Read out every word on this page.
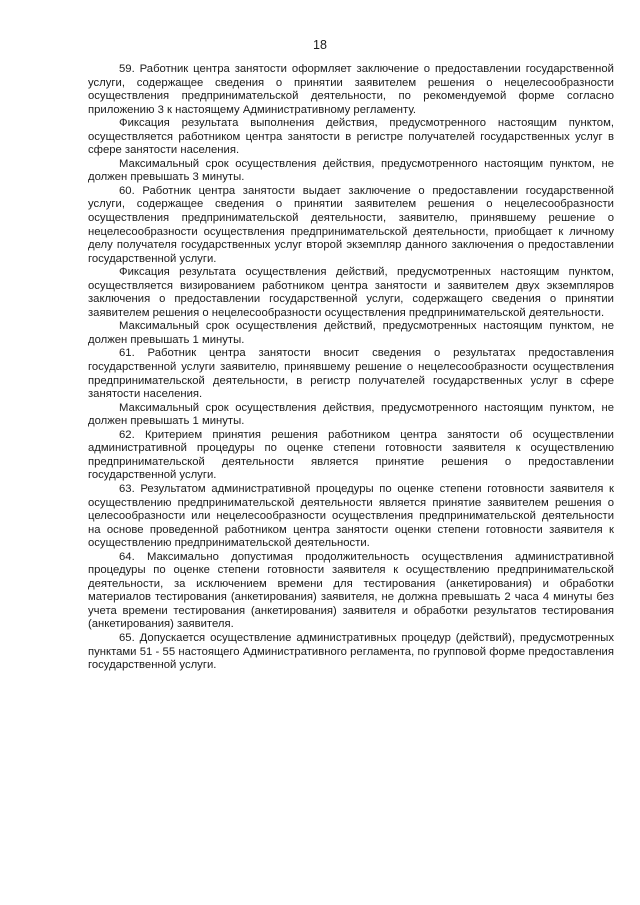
18

59. Работник центра занятости оформляет заключение о предоставлении государственной услуги, содержащее сведения о принятии заявителем решения о нецелесообразности осуществления предпринимательской деятельности, по рекомендуемой форме согласно приложению 3 к настоящему Административному регламенту.

Фиксация результата выполнения действия, предусмотренного настоящим пунктом, осуществляется работником центра занятости в регистре получателей государственных услуг в сфере занятости населения.

Максимальный срок осуществления действия, предусмотренного настоящим пунктом, не должен превышать 3 минуты.

60. Работник центра занятости выдает заключение о предоставлении государственной услуги, содержащее сведения о принятии заявителем решения о нецелесообразности осуществления предпринимательской деятельности, заявителю, принявшему решение о нецелесообразности осуществления предпринимательской деятельности, приобщает к личному делу получателя государственных услуг второй экземпляр данного заключения о предоставлении государственной услуги.

Фиксация результата осуществления действий, предусмотренных настоящим пунктом, осуществляется визированием работником центра занятости и заявителем двух экземпляров заключения о предоставлении государственной услуги, содержащего сведения о принятии заявителем решения о нецелесообразности осуществления предпринимательской деятельности.

Максимальный срок осуществления действий, предусмотренных настоящим пунктом, не должен превышать 1 минуты.

61. Работник центра занятости вносит сведения о результатах предоставления государственной услуги заявителю, принявшему решение о нецелесообразности осуществления предпринимательской деятельности, в регистр получателей государственных услуг в сфере занятости населения.

Максимальный срок осуществления действия, предусмотренного настоящим пунктом, не должен превышать 1 минуты.

62. Критерием принятия решения работником центра занятости об осуществлении административной процедуры по оценке степени готовности заявителя к осуществлению предпринимательской деятельности является принятие решения о предоставлении государственной услуги.

63. Результатом административной процедуры по оценке степени готовности заявителя к осуществлению предпринимательской деятельности является принятие заявителем решения о целесообразности или нецелесообразности осуществления предпринимательской деятельности на основе проведенной работником центра занятости оценки степени готовности заявителя к осуществлению предпринимательской деятельности.

64. Максимально допустимая продолжительность осуществления административной процедуры по оценке степени готовности заявителя к осуществлению предпринимательской деятельности, за исключением времени для тестирования (анкетирования) и обработки материалов тестирования (анкетирования) заявителя, не должна превышать 2 часа 4 минуты без учета времени тестирования (анкетирования) заявителя и обработки результатов тестирования (анкетирования) заявителя.

65. Допускается осуществление административных процедур (действий), предусмотренных пунктами 51 - 55 настоящего Административного регламента, по групповой форме предоставления государственной услуги.
